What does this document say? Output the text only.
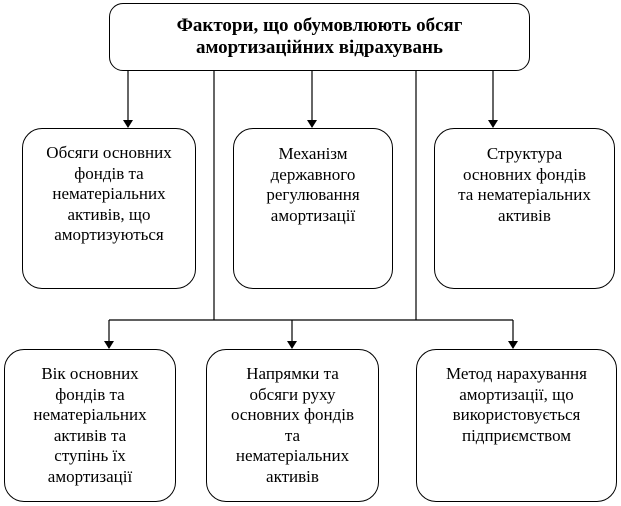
Фактори, що обумовлюють обсяг
амортизаційних відрахувань
Обсяги основних
фондів та
нематеріальних
активів, що
амортизуються
Механізм
державного
регулювання
амортизації
Структура
основних фондів
та нематеріальних
активів
Вік основних
фондів та
нематеріальних
активів та
ступінь їх
амортизації
Напрямки та
обсяги руху
основних фондів
та
нематеріальних
активів
Метод нарахування
амортизації, що
використовується
підприємством
